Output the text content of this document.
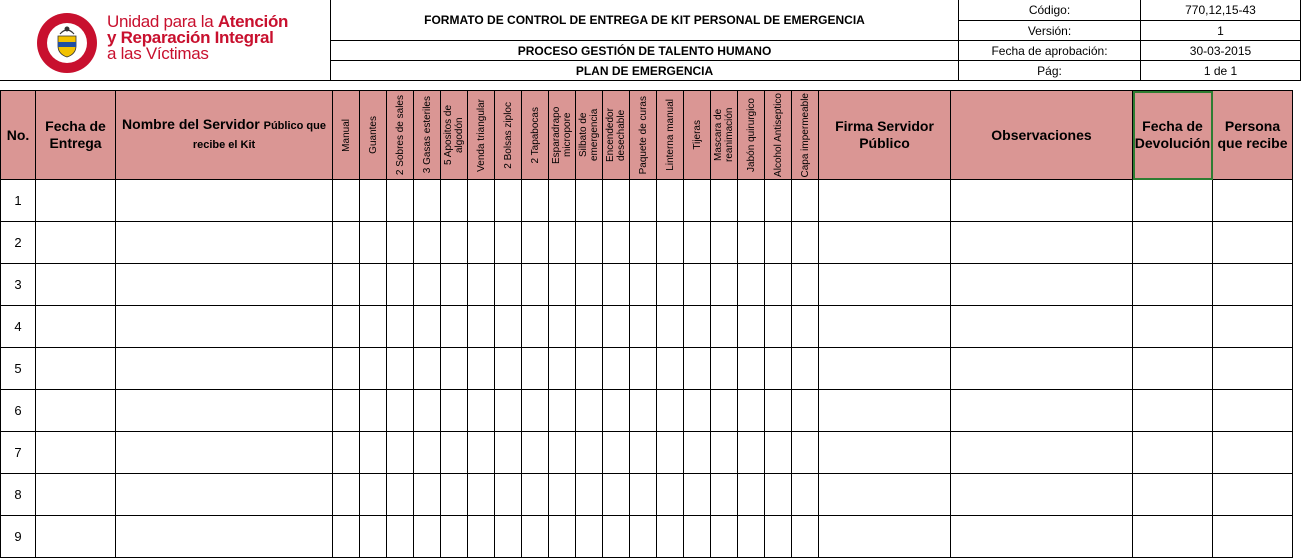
Unidad para la Atención
y Reparación Integral
a las Víctimas
FORMATO DE CONTROL DE ENTREGA DE KIT PERSONAL DE EMERGENCIA
PROCESO GESTIÓN DE TALENTO HUMANO
PLAN DE EMERGENCIA
Código:	770,12,15-43
Versión:	1
Fecha de aprobación:	30-03-2015
Pág:	1 de 1
No.	Fecha de Entrega	Nombre del Servidor Público que recibe el Kit	Manual	Guantes	2 Sobres de sales	3 Gasas esteriles	5 Apositos de algodón	Venda triangular	2 Bolsas ziploc	2 Tapabocas	Esparadrapo micropore	Silbato de emergencia	Encendedor desechable	Paquete de curas	Linterna manual	Tijeras	Mascara de reanimación	Jabón quirurgico	Alcohol Antiseptico	Capa impermeable	Firma Servidor Público	Observaciones	Fecha de Devolución	Persona que recibe
1																								
2																								
3																								
4																								
5																								
6																								
7																								
8																								
9																								
